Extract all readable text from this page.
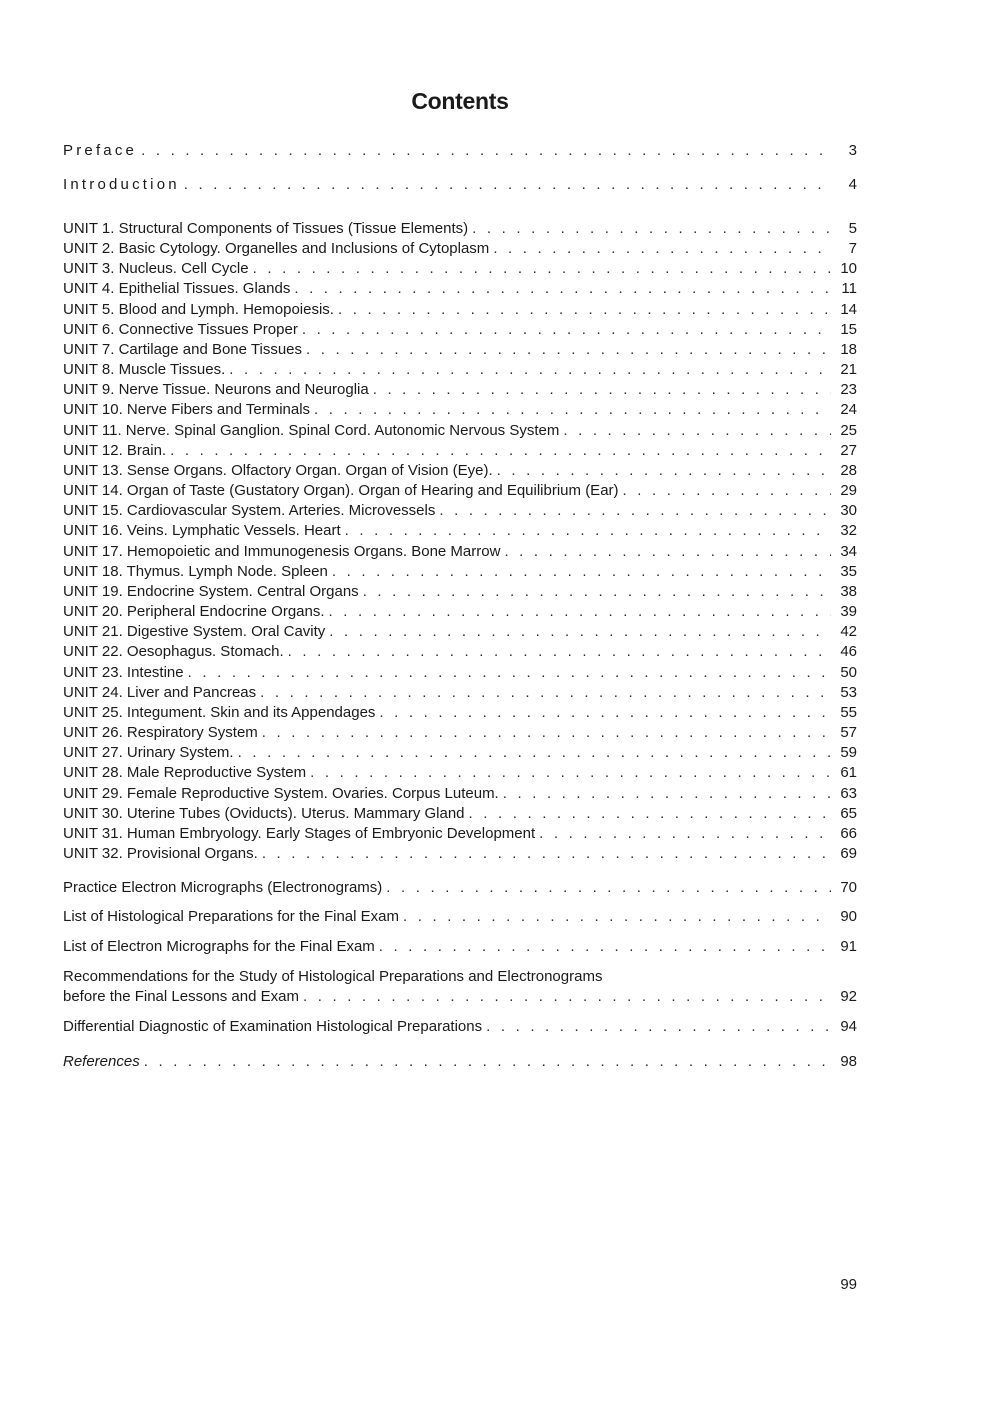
Contents
Preface . . .	3
Introduction . . .	4
UNIT 1. Structural Components of Tissues (Tissue Elements) . . .	5
UNIT 2. Basic Cytology. Organelles and Inclusions of Cytoplasm . . .	7
UNIT 3. Nucleus. Cell Cycle . . .	10
UNIT 4. Epithelial Tissues. Glands . . .	11
UNIT 5. Blood and Lymph. Hemopoiesis. . . .	14
UNIT 6. Connective Tissues Proper . . .	15
UNIT 7. Cartilage and Bone Tissues . . .	18
UNIT 8. Muscle Tissues. . . .	21
UNIT 9. Nerve Tissue. Neurons and Neuroglia . . .	23
UNIT 10. Nerve Fibers and Terminals . . .	24
UNIT 11. Nerve. Spinal Ganglion. Spinal Cord. Autonomic Nervous System . . .	25
UNIT 12. Brain. . . .	27
UNIT 13. Sense Organs. Olfactory Organ. Organ of Vision (Eye). . . .	28
UNIT 14. Organ of Taste (Gustatory Organ). Organ of Hearing and Equilibrium (Ear) . . .	29
UNIT 15. Cardiovascular System. Arteries. Microvessels . . .	30
UNIT 16. Veins. Lymphatic Vessels. Heart . . .	32
UNIT 17. Hemopoietic and Immunogenesis Organs. Bone Marrow . . .	34
UNIT 18. Thymus. Lymph Node. Spleen . . .	35
UNIT 19. Endocrine System. Central Organs . . .	38
UNIT 20. Peripheral Endocrine Organs. . . .	39
UNIT 21. Digestive System. Oral Cavity . . .	42
UNIT 22. Oesophagus. Stomach. . . .	46
UNIT 23. Intestine . . .	50
UNIT 24. Liver and Pancreas . . .	53
UNIT 25. Integument. Skin and its Appendages . . .	55
UNIT 26. Respiratory System . . .	57
UNIT 27. Urinary System. . . .	59
UNIT 28. Male Reproductive System . . .	61
UNIT 29. Female Reproductive System. Ovaries. Corpus Luteum. . . .	63
UNIT 30. Uterine Tubes (Oviducts). Uterus. Mammary Gland . . .	65
UNIT 31. Human Embryology. Early Stages of Embryonic Development . . .	66
UNIT 32. Provisional Organs. . . .	69
Practice Electron Micrographs (Electronograms) . . .	70
List of Histological Preparations for the Final Exam . . .	90
List of Electron Micrographs for the Final Exam . . .	91
Recommendations for the Study of Histological Preparations and Electronograms
before the Final Lessons and Exam . . .	92
Differential Diagnostic of Examination Histological Preparations . . .	94
References . . .	98
99
